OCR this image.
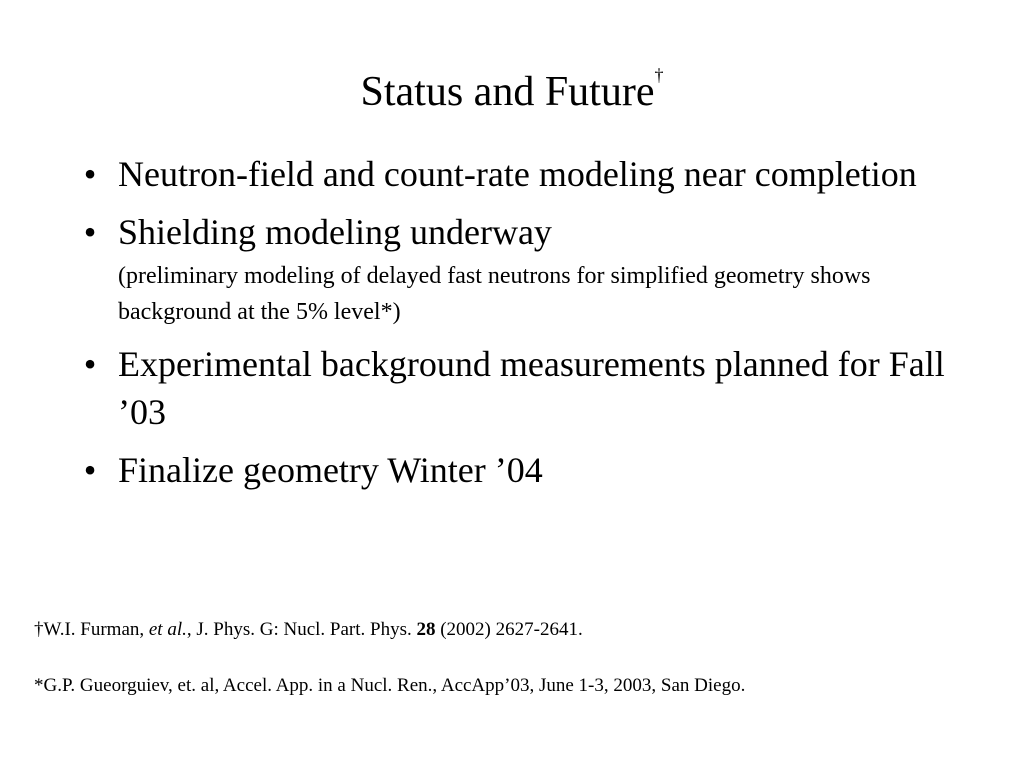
Status and Future†
• Neutron-field and count-rate modeling near completion
• Shielding modeling underway
(preliminary modeling of delayed fast neutrons for simplified geometry shows background at the 5% level*)
• Experimental background measurements planned for Fall ’03
• Finalize geometry Winter ’04
†W.I. Furman, et al., J. Phys. G: Nucl. Part. Phys. 28 (2002) 2627-2641.
*G.P. Gueorguiev, et. al, Accel. App. in a Nucl. Ren., AccApp’03, June 1-3, 2003, San Diego.
